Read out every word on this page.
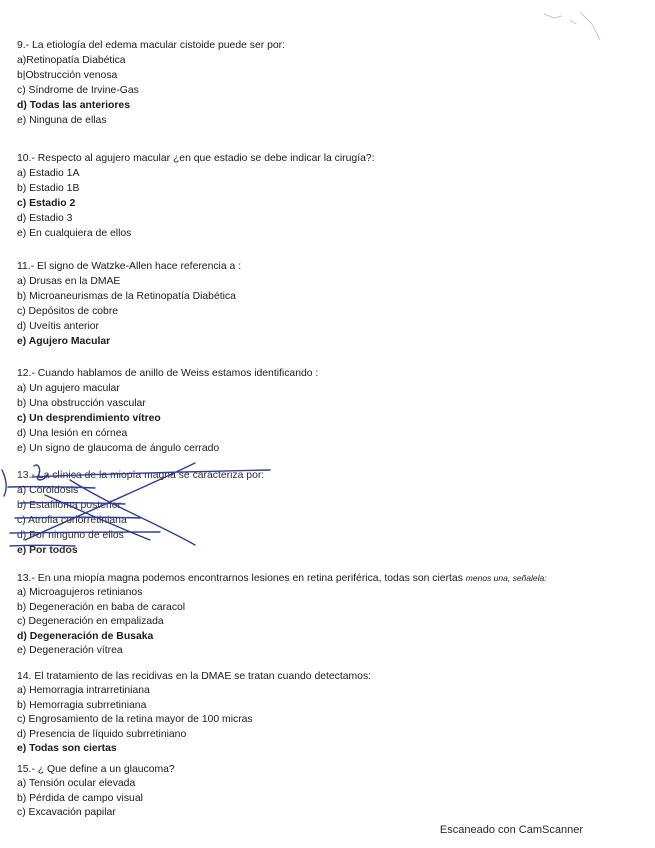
9.- La etiología del edema macular cistoide puede ser por:
a)Retinopatía Diabética
b|Obstrucción venosa
c) Síndrome de Irvine-Gas
d) Todas las anteriores
e) Ninguna de ellas
10.- Respecto al agujero macular ¿en que estadio se debe indicar la cirugía?:
a) Estadio 1A
b) Estadio 1B
c) Estadio 2
d) Estadio 3
e) En cualquiera de ellos
11.- El signo de Watzke-Allen hace referencia a :
a) Drusas en la DMAE
b) Microaneurismas de la Retinopatía Diabética
c) Depósitos de cobre
d) Uveítis anterior
e) Agujero Macular
12.- Cuando hablamos de anillo de Weiss estamos identificando :
a) Un agujero macular
b) Una obstrucción vascular
c) Un desprendimiento vítreo
d) Una lesión en córnea
e) Un signo de glaucoma de ángulo cerrado
13.- La clínica de la miopía magna se caracteriza por:
a) Coroidosis
b) Estafiloma posterior
c) Atrofia coriorretiniana
d) Por ninguno de ellos
e) Por todos
13.- En una miopía magna podemos encontrarnos lesiones en retina periférica, todas son ciertas menos una, señalela:
a) Microagujeros retinianos
b) Degeneración en baba de caracol
c) Degeneración en empalizada
d) Degeneración de Busaka
e) Degeneración vítrea
14. El tratamiento de las recidivas en la DMAE se tratan cuando detectamos:
a) Hemorragia intrarretiniana
b) Hemorragia subrretiniana
c) Engrosamiento de la retina mayor de 100 micras
d) Presencia de líquido subrretiniano
e) Todas son ciertas
15.- ¿ Que define a un glaucoma?
a) Tensión ocular elevada
b) Pérdida de campo visual
c) Excavación papilar
Escaneado con CamScanner
